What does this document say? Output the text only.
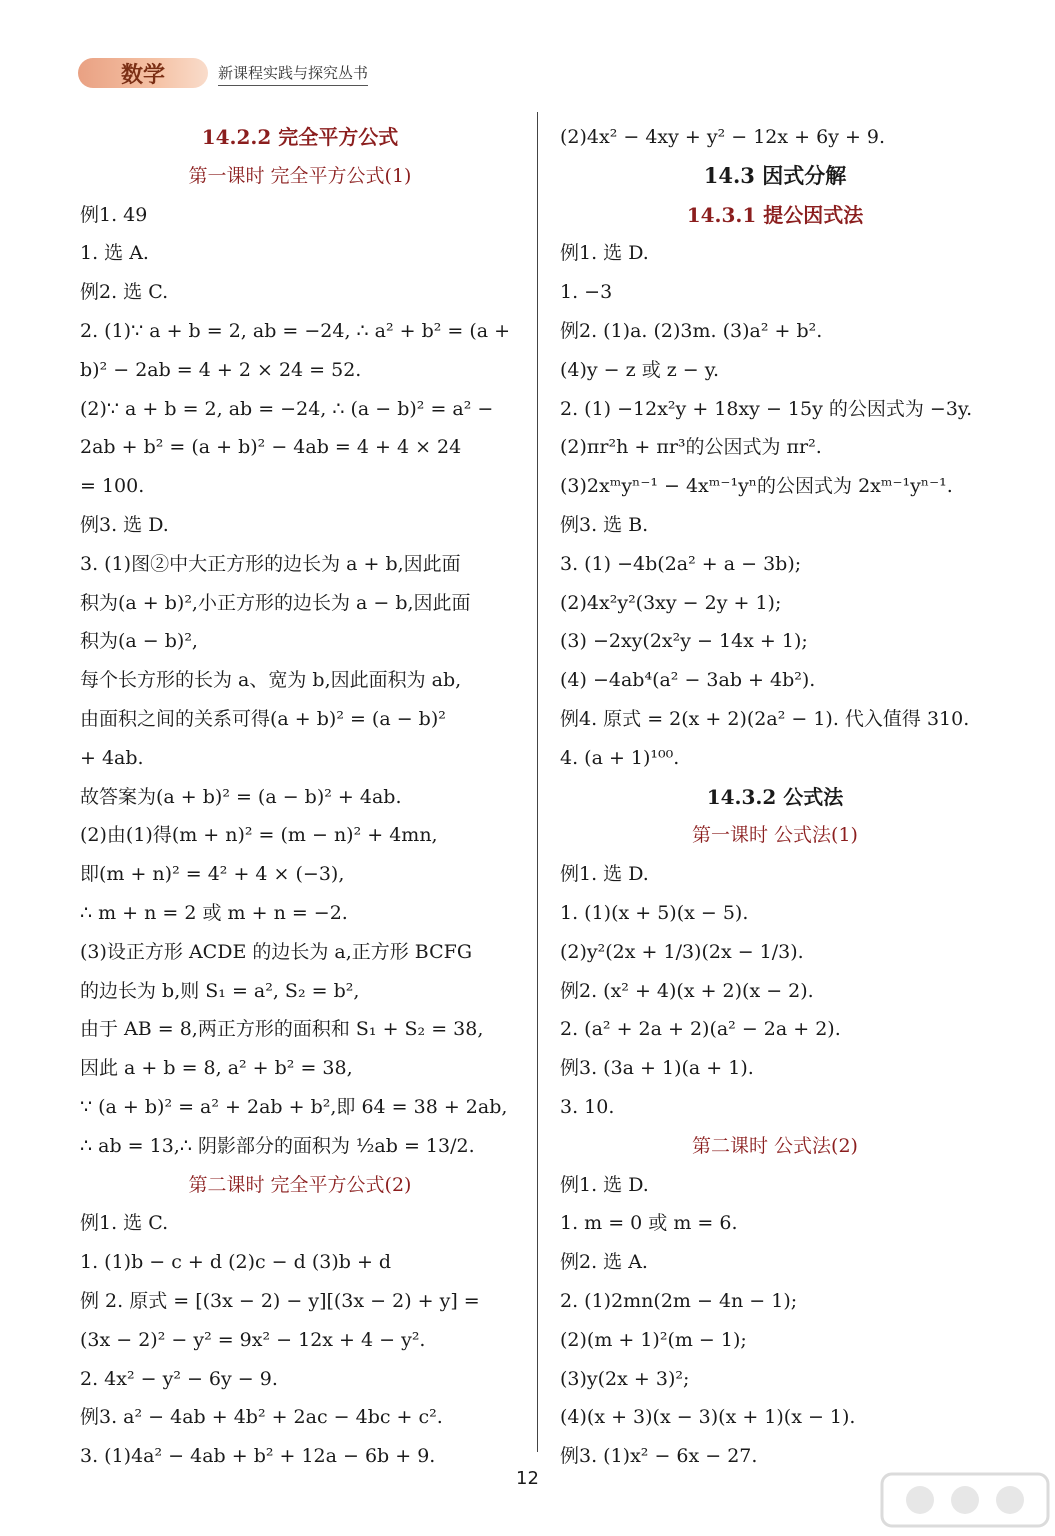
数学	新课程实践与探究丛书
14.2.2 完全平方公式
第一课时 完全平方公式(1)
例1. 49
1. 选 A.
例2. 选 C.
2. (1)∵ a + b = 2, ab = −24, ∴ a² + b² = (a +
b)² − 2ab = 4 + 2 × 24 = 52.
(2)∵ a + b = 2, ab = −24, ∴ (a − b)² = a² −
2ab + b² = (a + b)² − 4ab = 4 + 4 × 24
= 100.
例3. 选 D.
3. (1)图②中大正方形的边长为 a + b,因此面
积为(a + b)²,小正方形的边长为 a − b,因此面
积为(a − b)²,
每个长方形的长为 a、宽为 b,因此面积为 ab,
由面积之间的关系可得(a + b)² = (a − b)²
+ 4ab.
故答案为(a + b)² = (a − b)² + 4ab.
(2)由(1)得(m + n)² = (m − n)² + 4mn,
即(m + n)² = 4² + 4 × (−3),
∴ m + n = 2 或 m + n = −2.
(3)设正方形 ACDE 的边长为 a,正方形 BCFG
的边长为 b,则 S₁ = a², S₂ = b²,
由于 AB = 8,两正方形的面积和 S₁ + S₂ = 38,
因此 a + b = 8, a² + b² = 38,
∵ (a + b)² = a² + 2ab + b²,即 64 = 38 + 2ab,
∴ ab = 13,∴ 阴影部分的面积为 ½ab = 13/2.
第二课时 完全平方公式(2)
例1. 选 C.
1. (1)b − c + d (2)c − d (3)b + d
例 2. 原式 = [(3x − 2) − y][(3x − 2) + y] =
(3x − 2)² − y² = 9x² − 12x + 4 − y².
2. 4x² − y² − 6y − 9.
例3. a² − 4ab + 4b² + 2ac − 4bc + c².
3. (1)4a² − 4ab + b² + 12a − 6b + 9.
(2)4x² − 4xy + y² − 12x + 6y + 9.
14.3 因式分解
14.3.1 提公因式法
例1. 选 D.
1. −3
例2. (1)a. (2)3m. (3)a² + b².
(4)y − z 或 z − y.
2. (1) −12x²y + 18xy − 15y 的公因式为 −3y.
(2)πr²h + πr³的公因式为 πr².
(3)2xᵐyⁿ⁻¹ − 4xᵐ⁻¹yⁿ的公因式为 2xᵐ⁻¹yⁿ⁻¹.
例3. 选 B.
3. (1) −4b(2a² + a − 3b);
(2)4x²y²(3xy − 2y + 1);
(3) −2xy(2x²y − 14x + 1);
(4) −4ab⁴(a² − 3ab + 4b²).
例4. 原式 = 2(x + 2)(2a² − 1). 代入值得 310.
4. (a + 1)¹⁰⁰.
14.3.2 公式法
第一课时 公式法(1)
例1. 选 D.
1. (1)(x + 5)(x − 5).
(2)y²(2x + 1/3)(2x − 1/3).
例2. (x² + 4)(x + 2)(x − 2).
2. (a² + 2a + 2)(a² − 2a + 2).
例3. (3a + 1)(a + 1).
3. 10.
第二课时 公式法(2)
例1. 选 D.
1. m = 0 或 m = 6.
例2. 选 A.
2. (1)2mn(2m − 4n − 1);
(2)(m + 1)²(m − 1);
(3)y(2x + 3)²;
(4)(x + 3)(x − 3)(x + 1)(x − 1).
例3. (1)x² − 6x − 27.
12
